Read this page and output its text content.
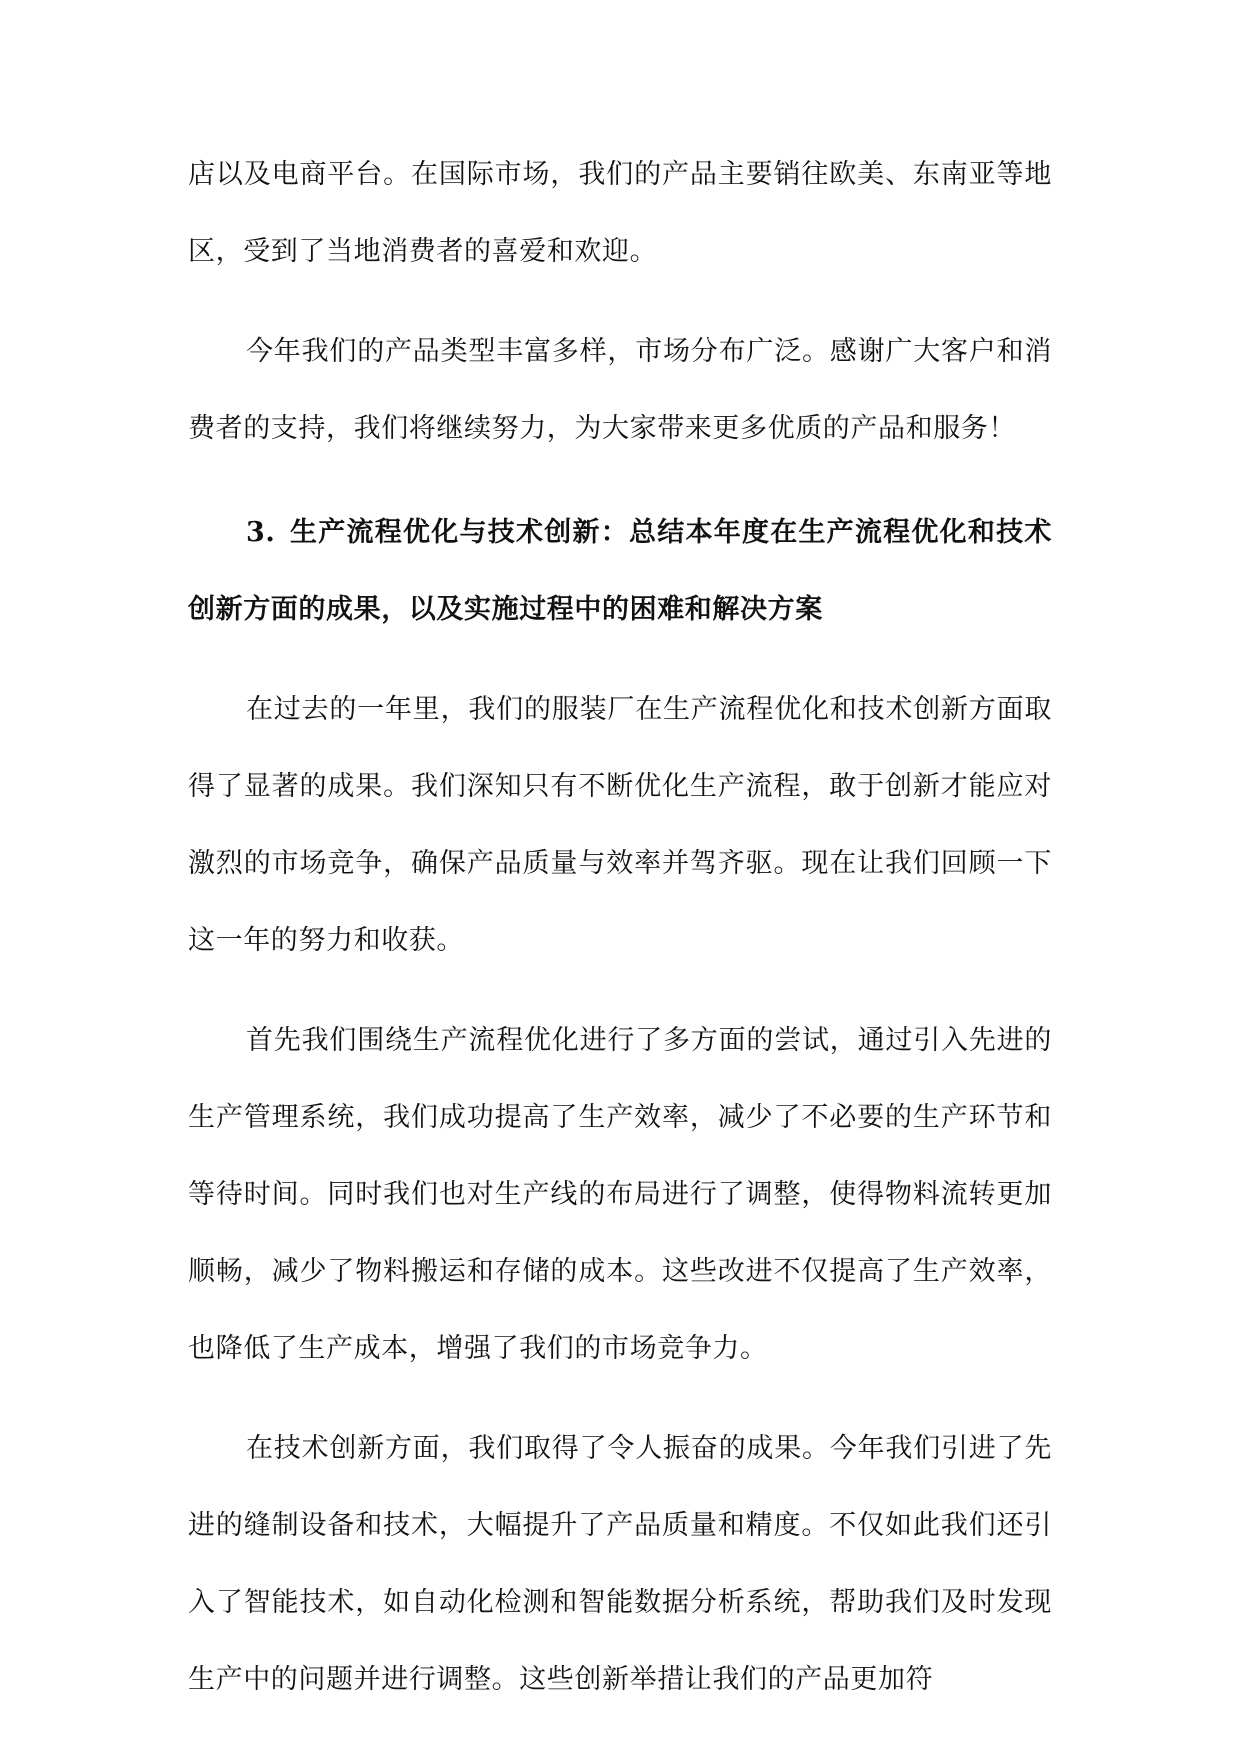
店以及电商平台。在国际市场，我们的产品主要销往欧美、东南亚等地区，受到了当地消费者的喜爱和欢迎。

今年我们的产品类型丰富多样，市场分布广泛。感谢广大客户和消费者的支持，我们将继续努力，为大家带来更多优质的产品和服务！

3. 生产流程优化与技术创新：总结本年度在生产流程优化和技术创新方面的成果，以及实施过程中的困难和解决方案

在过去的一年里，我们的服装厂在生产流程优化和技术创新方面取得了显著的成果。我们深知只有不断优化生产流程，敢于创新才能应对激烈的市场竞争，确保产品质量与效率并驾齐驱。现在让我们回顾一下这一年的努力和收获。

首先我们围绕生产流程优化进行了多方面的尝试，通过引入先进的生产管理系统，我们成功提高了生产效率，减少了不必要的生产环节和等待时间。同时我们也对生产线的布局进行了调整，使得物料流转更加顺畅，减少了物料搬运和存储的成本。这些改进不仅提高了生产效率，也降低了生产成本，增强了我们的市场竞争力。

在技术创新方面，我们取得了令人振奋的成果。今年我们引进了先进的缝制设备和技术，大幅提升了产品质量和精度。不仅如此我们还引入了智能技术，如自动化检测和智能数据分析系统，帮助我们及时发现生产中的问题并进行调整。这些创新举措让我们的产品更加符
